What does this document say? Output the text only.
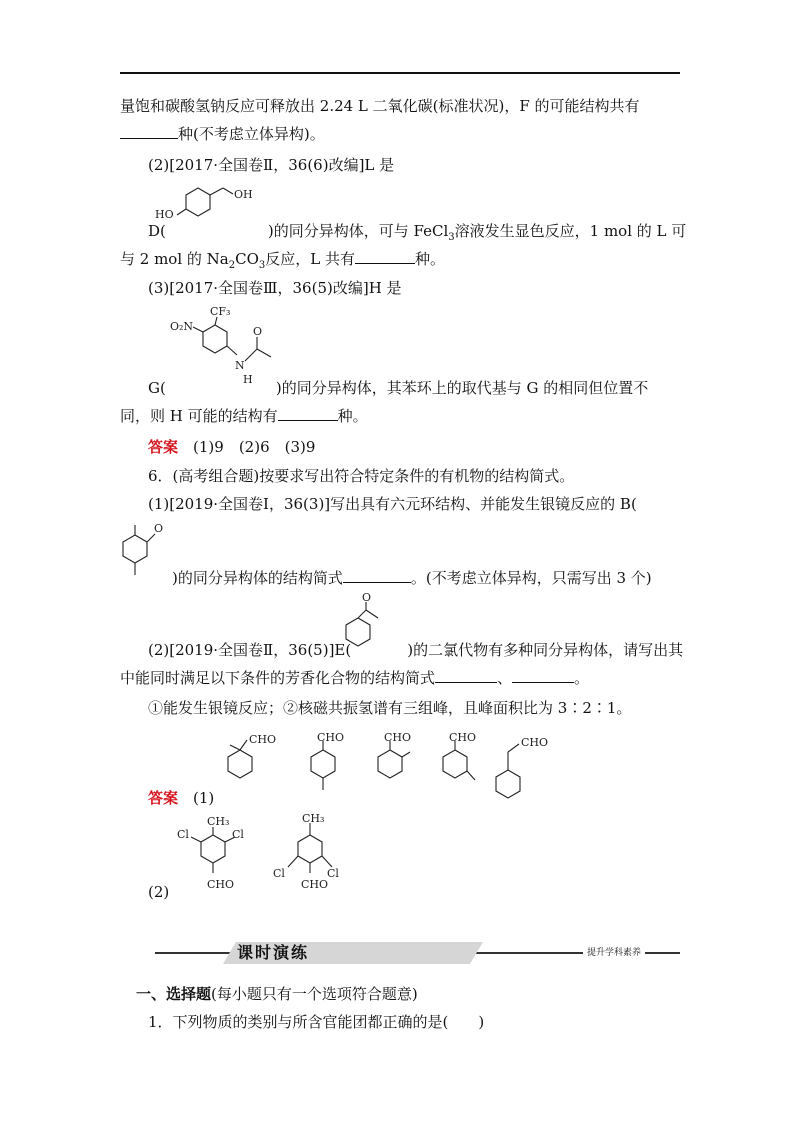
量饱和碳酸氢钠反应可释放出 2.24 L 二氧化碳(标准状况)，F 的可能结构共有
种(不考虑立体异构)。
(2)[2017·全国卷Ⅱ，36(6)改编]L 是
OH
HO
D(	)的同分异构体，可与 FeCl$_3$溶液发生显色反应，1 mol 的 L 可
与 2 mol 的 $Na_2CO_3$反应，L 共有	种。
(3)[2017·全国卷Ⅲ，36(5)改编]H 是
CF₃
O₂N
N
H
O
G(	)的同分异构体，其苯环上的取代基与 G 的相同但位置不
同，则 H 可能的结构有	种。
答案　 (1)9　(2)6　(3)9
6．(高考组合题)按要求写出符合特定条件的有机物的结构简式。
(1)[2019·全国卷Ⅰ，36(3)]写出具有六元环结构、并能发生银镜反应的 B(
O
)的同分异构体的结构简式	。(不考虑立体异构，只需写出 3 个)
O
(2)[2019·全国卷Ⅱ，36(5)]E(	)的二氯代物有多种同分异构体，请写出其
中能同时满足以下条件的芳香化合物的结构简式	、	。
①能发生银镜反应；②核磁共振氢谱有三组峰，且峰面积比为 3∶2∶1。
CHO	CHO	CHO	CHO	CHO
答案　 (1)
CH₃
Cl	Cl
CHO
CH₃
Cl	Cl
CHO
(2)
课时演练	提升学科素养
一、选择题(每小题只有一个选项符合题意)
1．下列物质的类别与所含官能团都正确的是(　　)
